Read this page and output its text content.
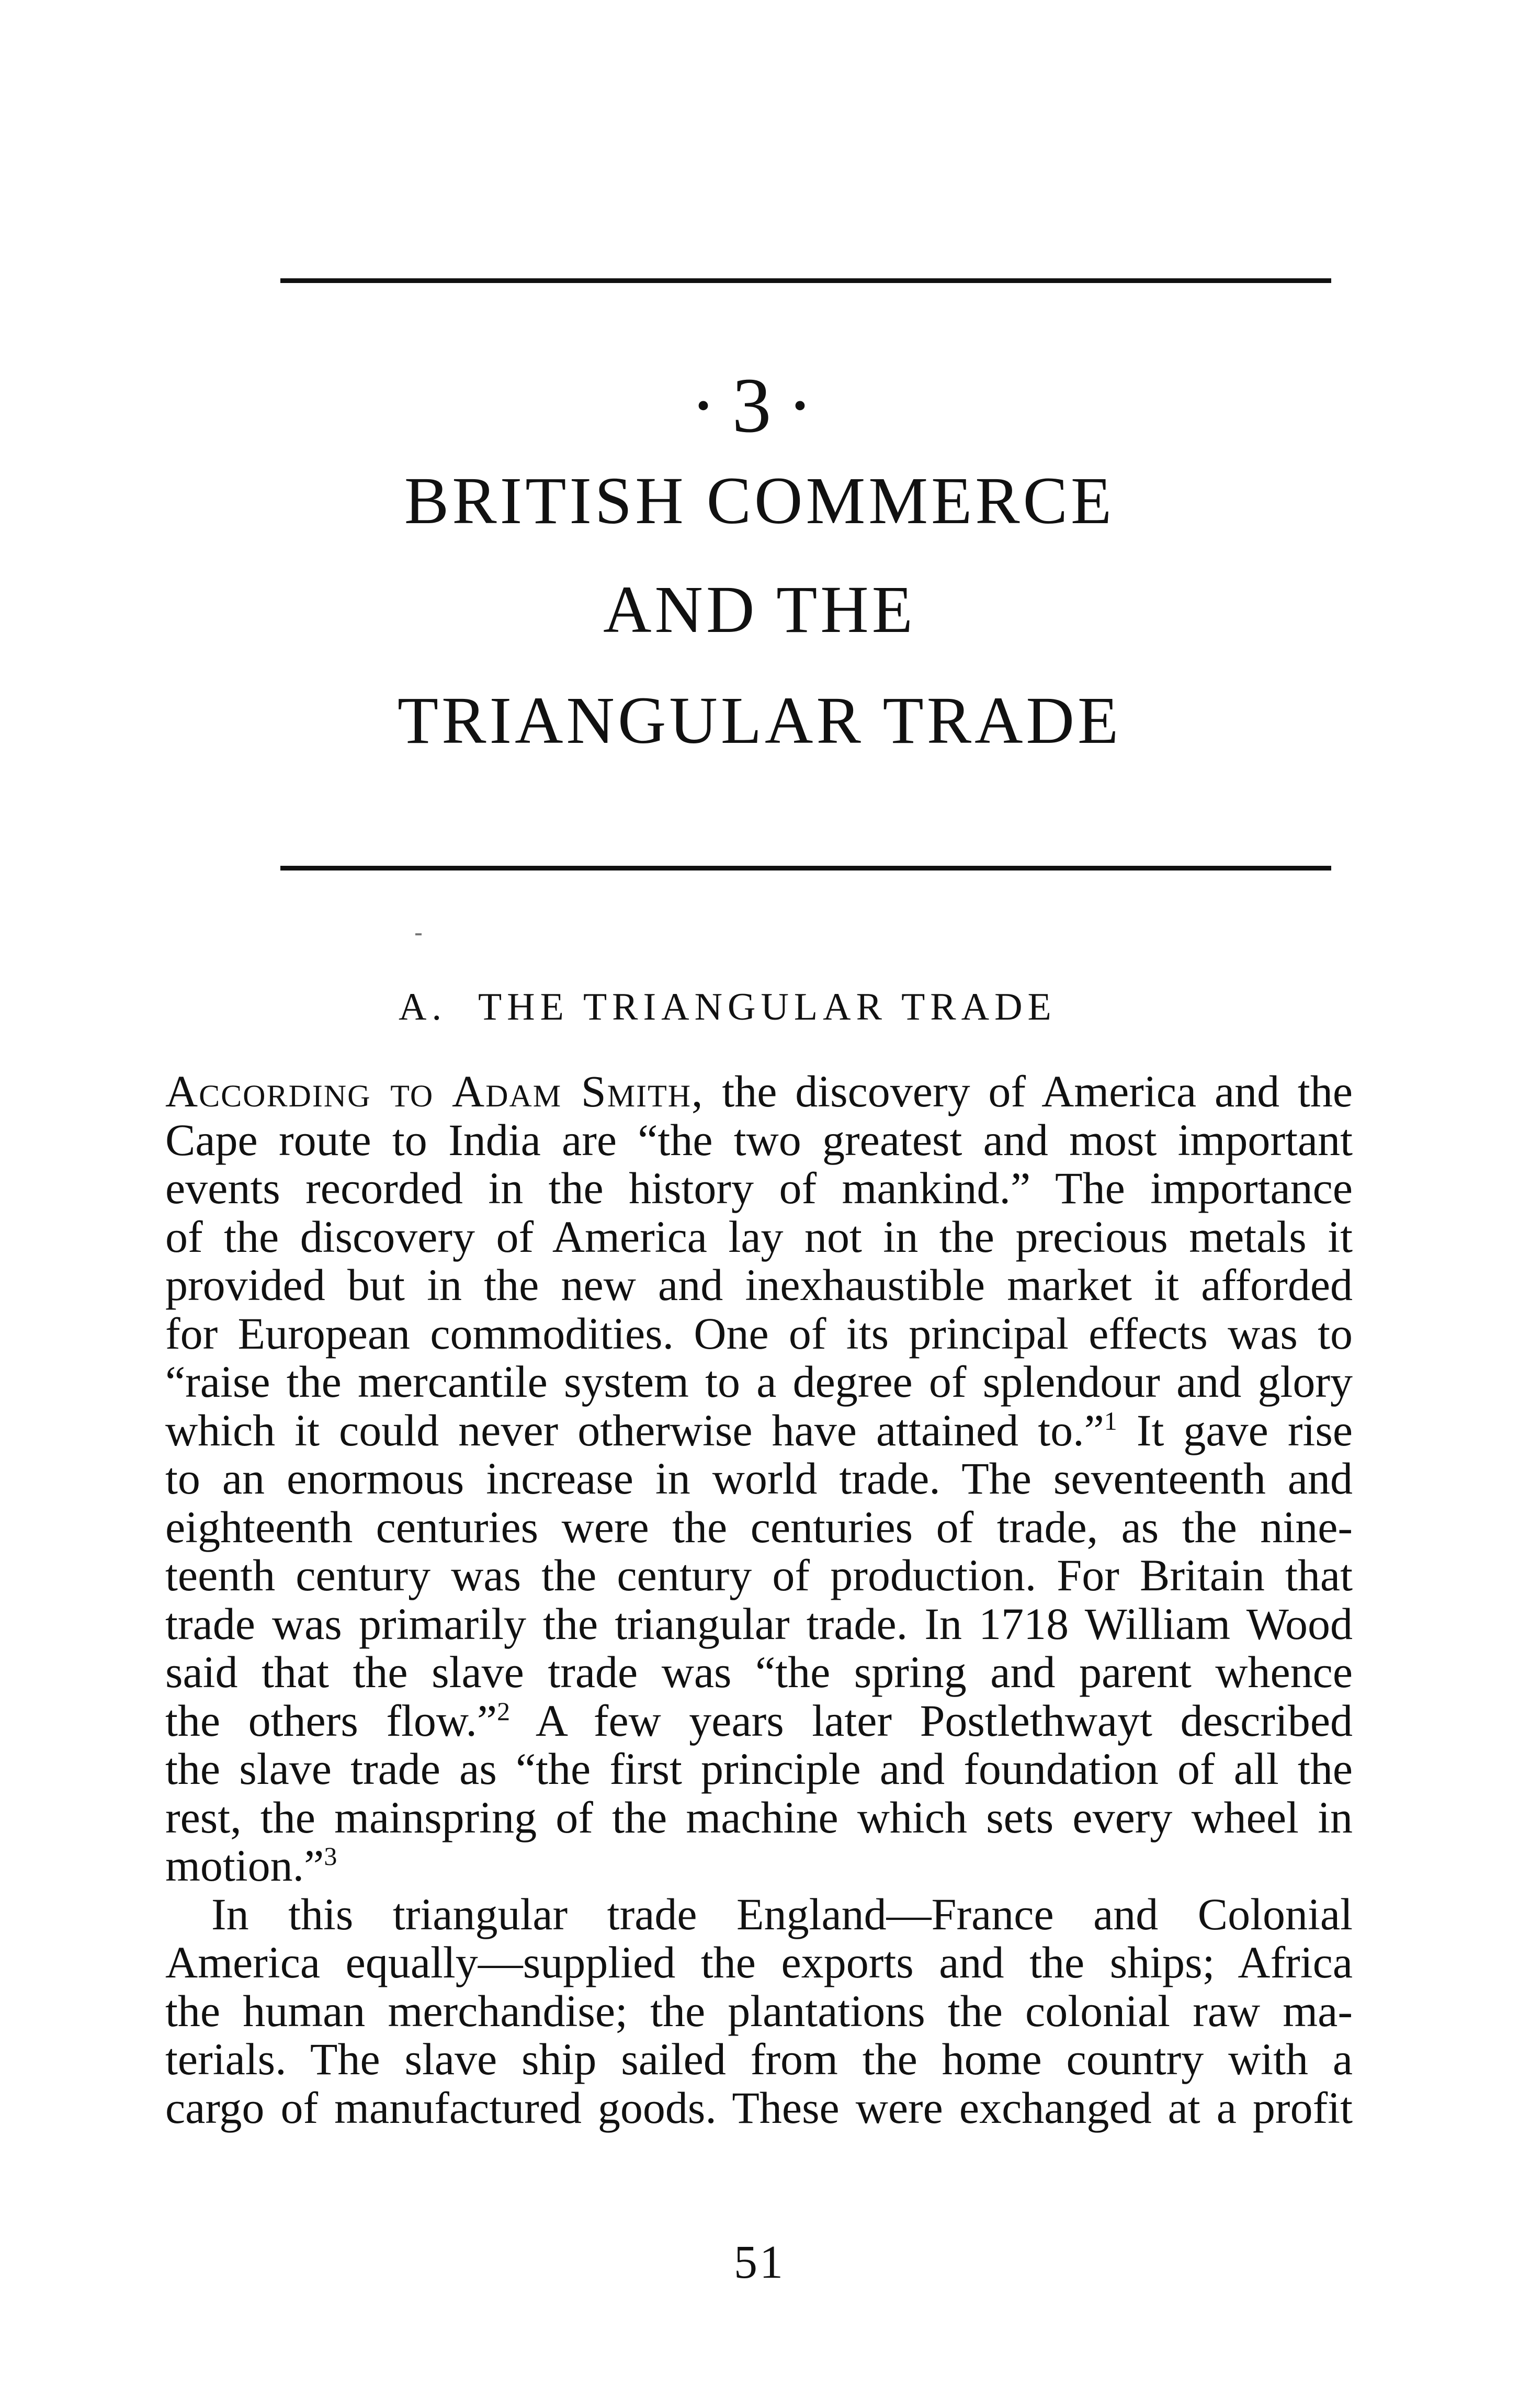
·3·
BRITISH COMMERCE
AND THE
TRIANGULAR TRADE
A. THE TRIANGULAR TRADE
According to Adam Smith, the discovery of America and the
Cape route to India are “the two greatest and most important
events recorded in the history of mankind.” The importance
of the discovery of America lay not in the precious metals it
provided but in the new and inexhaustible market it afforded
for European commodities. One of its principal effects was to
“raise the mercantile system to a degree of splendour and glory
which it could never otherwise have attained to.”$^1$ It gave rise
to an enormous increase in world trade. The seventeenth and
eighteenth centuries were the centuries of trade, as the nine-
teenth century was the century of production. For Britain that
trade was primarily the triangular trade. In 1718 William Wood
said that the slave trade was “the spring and parent whence
the others flow.”$^2$ A few years later Postlethwayt described
the slave trade as “the first principle and foundation of all the
rest, the mainspring of the machine which sets every wheel in
motion.”$^3$
In this triangular trade England—France and Colonial
America equally—supplied the exports and the ships; Africa
the human merchandise; the plantations the colonial raw ma-
terials. The slave ship sailed from the home country with a
cargo of manufactured goods. These were exchanged at a profit
51
